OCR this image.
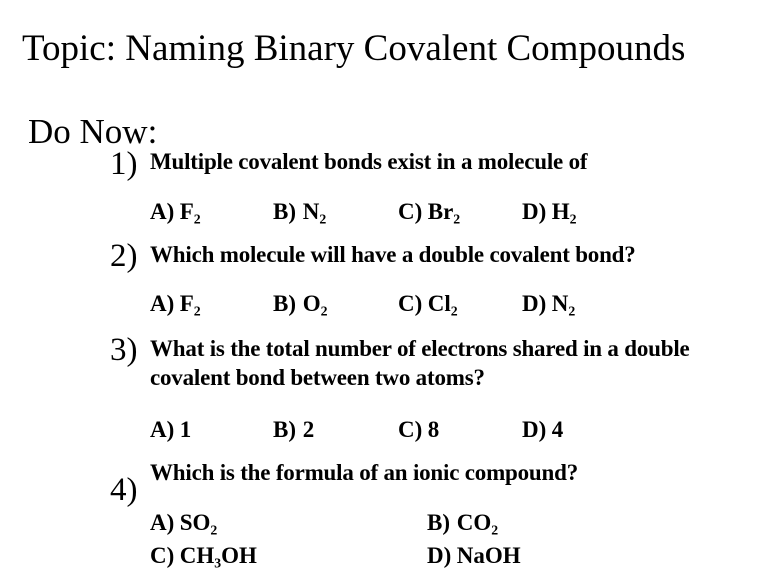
Topic: Naming Binary Covalent Compounds
Do Now:
1) Multiple covalent bonds exist in a molecule of
A) F₂	B) N₂	C) Br₂	D) H₂
2) Which molecule will have a double covalent bond?
A) F₂	B) O₂	C) Cl₂	D) N₂
3) What is the total number of electrons shared in a double
covalent bond between two atoms?
A) 1	B) 2	C) 8	D) 4
4) Which is the formula of an ionic compound?
A) SO₂	B) CO₂
C) CH₃OH	D) NaOH
